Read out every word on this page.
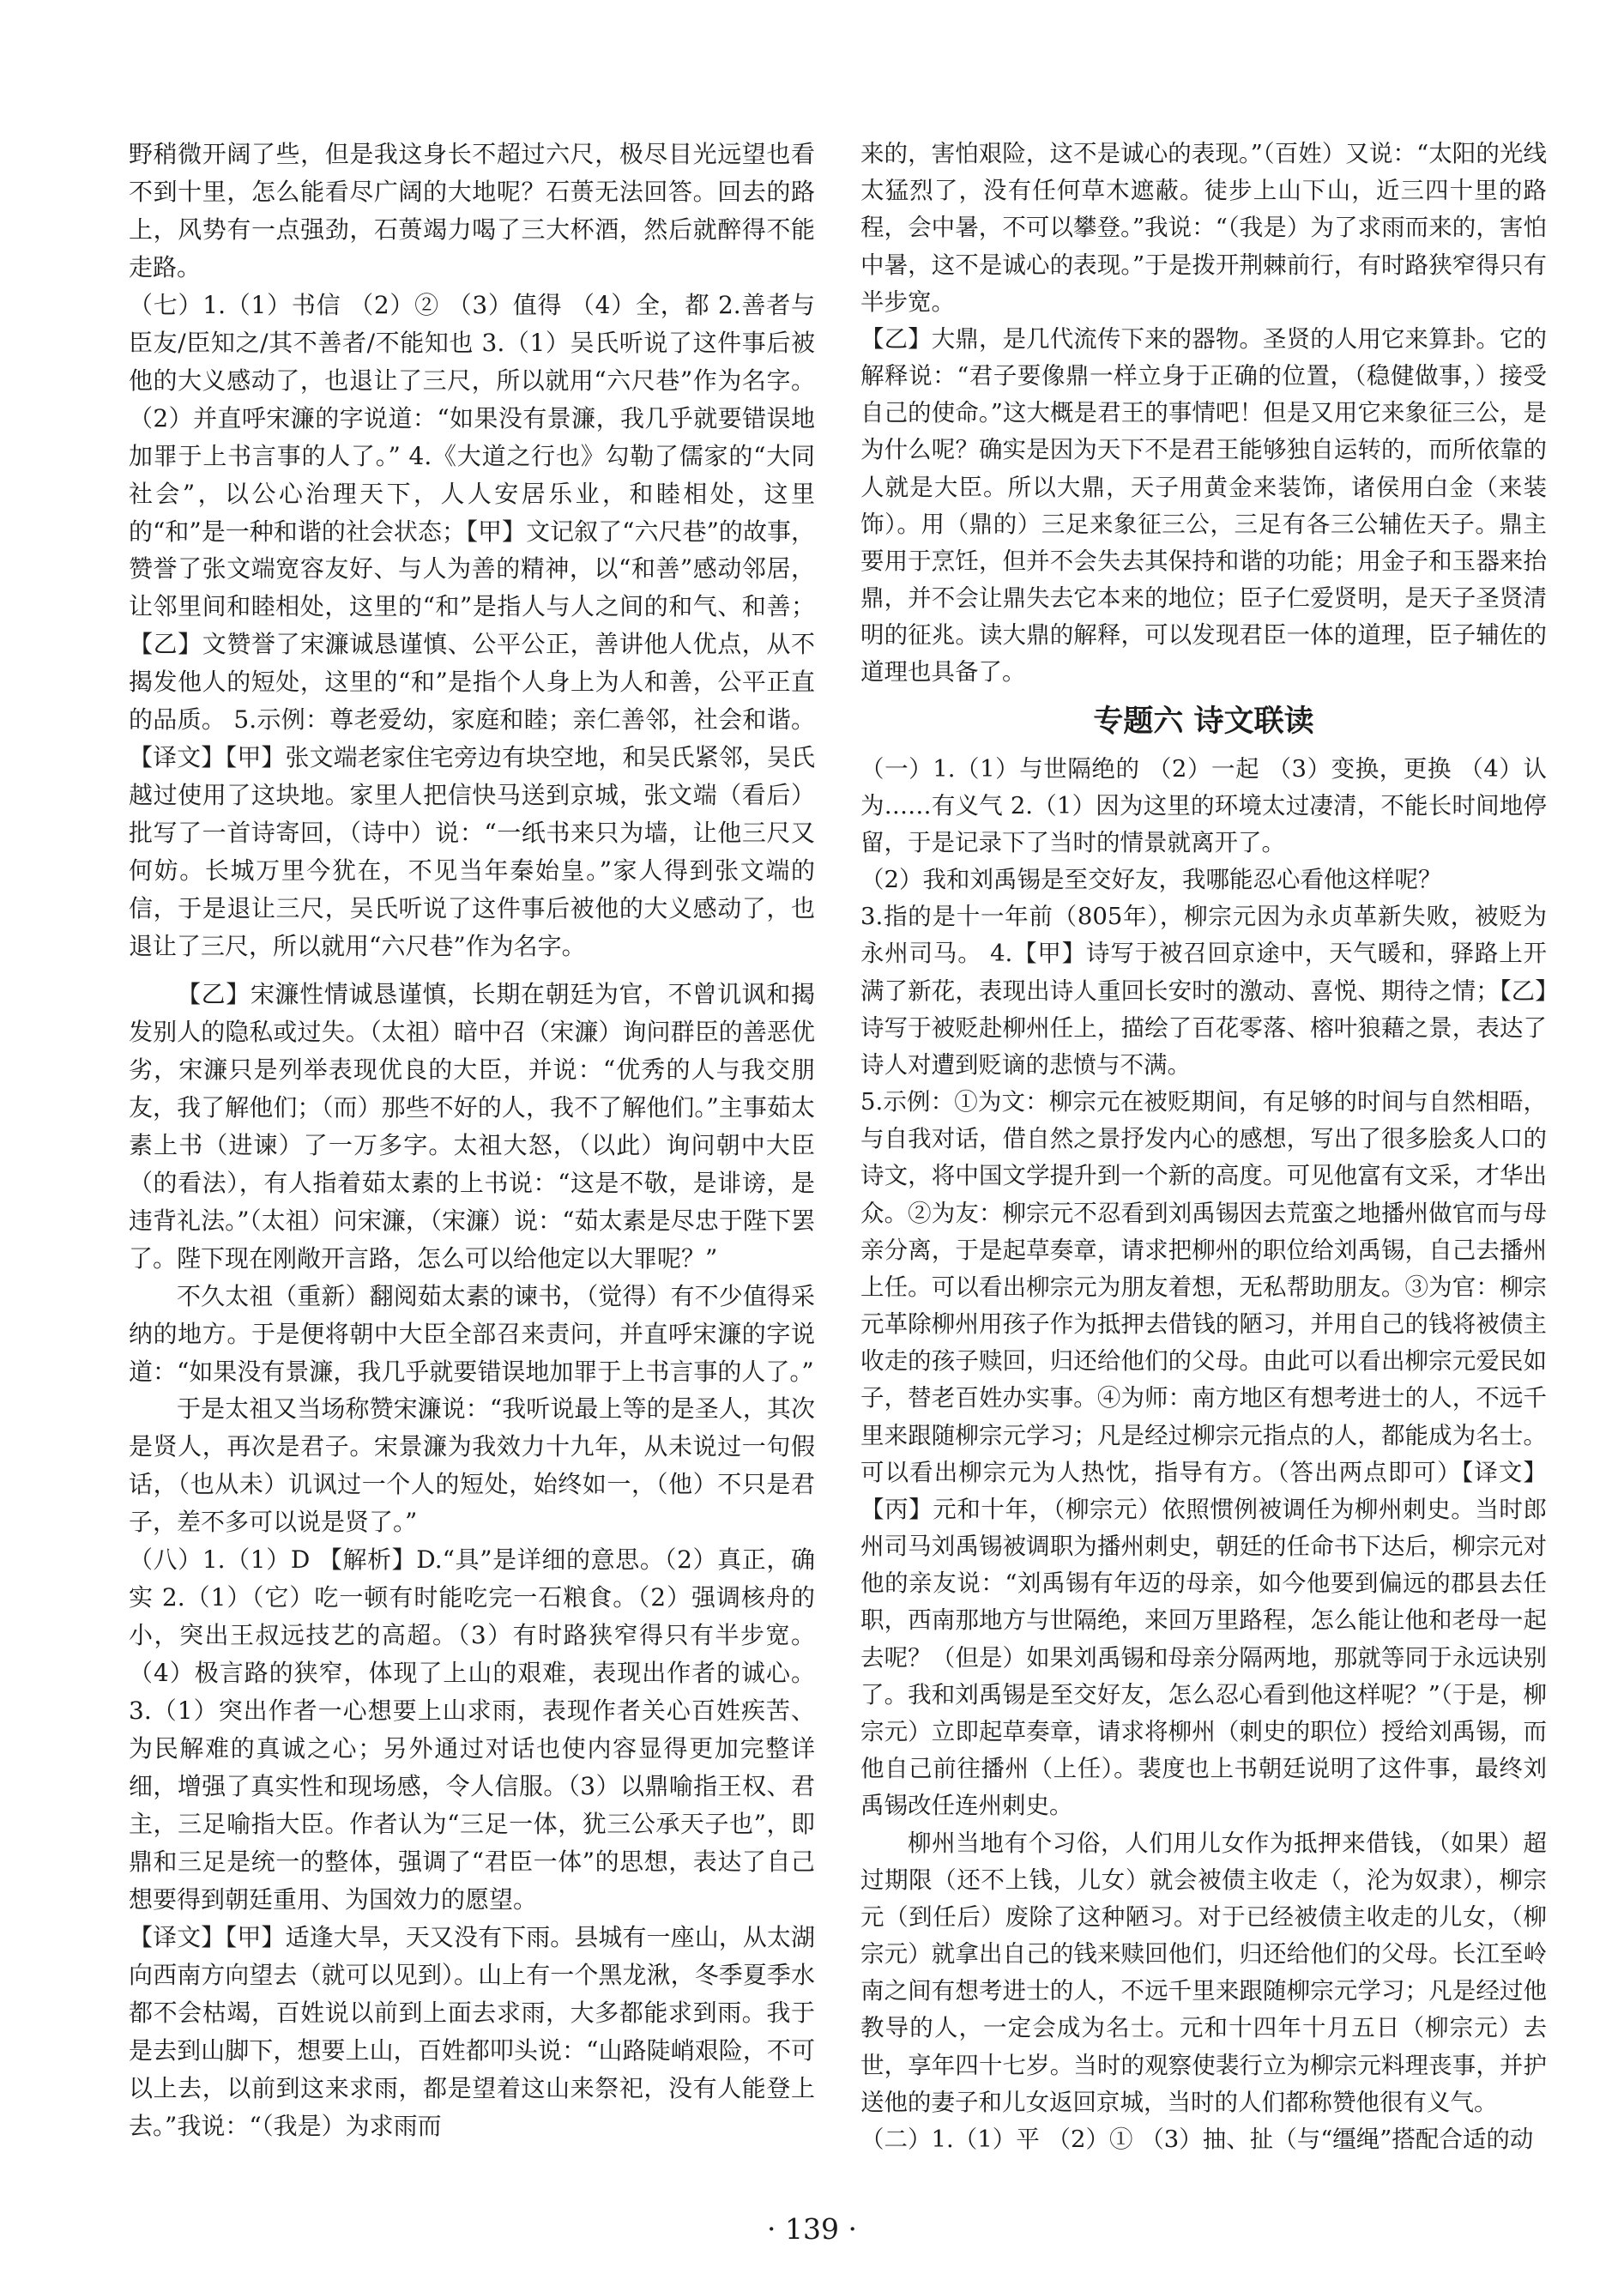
野稍微开阔了些，但是我这身长不超过六尺，极尽目光远望也看不到十里，怎么能看尽广阔的大地呢？石蒉无法回答。回去的路上，风势有一点强劲，石蒉竭力喝了三大杯酒，然后就醉得不能走路。

（七）1.（1）书信 （2）② （3）值得 （4）全，都 2.善者与臣友/臣知之/其不善者/不能知也 3.（1）吴氏听说了这件事后被他的大义感动了，也退让了三尺，所以就用“六尺巷”作为名字。（2）并直呼宋濂的字说道：“如果没有景濂，我几乎就要错误地加罪于上书言事的人了。” 4.《大道之行也》勾勒了儒家的“大同社会”，以公心治理天下，人人安居乐业，和睦相处，这里的“和”是一种和谐的社会状态；【甲】文记叙了“六尺巷”的故事，赞誉了张文端宽容友好、与人为善的精神，以“和善”感动邻居，让邻里间和睦相处，这里的“和”是指人与人之间的和气、和善；【乙】文赞誉了宋濂诚恳谨慎、公平公正，善讲他人优点，从不揭发他人的短处，这里的“和”是指个人身上为人和善，公平正直的品质。 5.示例：尊老爱幼，家庭和睦；亲仁善邻，社会和谐。 【译文】【甲】张文端老家住宅旁边有块空地，和吴氏紧邻，吴氏越过使用了这块地。家里人把信快马送到京城，张文端（看后）批写了一首诗寄回，（诗中）说：“一纸书来只为墙，让他三尺又何妨。长城万里今犹在，不见当年秦始皇。”家人得到张文端的信，于是退让三尺，吴氏听说了这件事后被他的大义感动了，也退让了三尺，所以就用“六尺巷”作为名字。

【乙】宋濂性情诚恳谨慎，长期在朝廷为官，不曾讥讽和揭发别人的隐私或过失。（太祖）暗中召（宋濂）询问群臣的善恶优劣，宋濂只是列举表现优良的大臣，并说：“优秀的人与我交朋友，我了解他们；（而）那些不好的人，我不了解他们。”主事茹太素上书（进谏）了一万多字。太祖大怒，（以此）询问朝中大臣（的看法），有人指着茹太素的上书说：“这是不敬，是诽谤，是违背礼法。”（太祖）问宋濂，（宋濂）说：“茹太素是尽忠于陛下罢了。陛下现在刚敞开言路，怎么可以给他定以大罪呢？”

不久太祖（重新）翻阅茹太素的谏书，（觉得）有不少值得采纳的地方。于是便将朝中大臣全部召来责问，并直呼宋濂的字说道：“如果没有景濂，我几乎就要错误地加罪于上书言事的人了。”

于是太祖又当场称赞宋濂说：“我听说最上等的是圣人，其次是贤人，再次是君子。宋景濂为我效力十九年，从未说过一句假话，（也从未）讥讽过一个人的短处，始终如一，（他）不只是君子，差不多可以说是贤了。”

（八）1.（1）D 【解析】D.“具”是详细的意思。（2）真正，确实 2.（1）（它）吃一顿有时能吃完一石粮食。（2）强调核舟的小，突出王叔远技艺的高超。（3）有时路狭窄得只有半步宽。（4）极言路的狭窄，体现了上山的艰难，表现出作者的诚心。 3.（1）突出作者一心想要上山求雨，表现作者关心百姓疾苦、为民解难的真诚之心；另外通过对话也使内容显得更加完整详细，增强了真实性和现场感，令人信服。（3）以鼎喻指王权、君主，三足喻指大臣。作者认为“三足一体，犹三公承天子也”，即鼎和三足是统一的整体，强调了“君臣一体”的思想，表达了自己想要得到朝廷重用、为国效力的愿望。

【译文】【甲】适逢大旱，天又没有下雨。县城有一座山，从太湖向西南方向望去（就可以见到）。山上有一个黑龙湫，冬季夏季水都不会枯竭，百姓说以前到上面去求雨，大多都能求到雨。我于是去到山脚下，想要上山，百姓都叩头说：“山路陡峭艰险，不可以上去，以前到这来求雨，都是望着这山来祭祀，没有人能登上去。”我说：“（我是）为求雨而

来的，害怕艰险，这不是诚心的表现。”（百姓）又说：“太阳的光线太猛烈了，没有任何草木遮蔽。徒步上山下山，近三四十里的路程，会中暑，不可以攀登。”我说：“（我是）为了求雨而来的，害怕中暑，这不是诚心的表现。”于是拨开荆棘前行，有时路狭窄得只有半步宽。

【乙】大鼎，是几代流传下来的器物。圣贤的人用它来算卦。它的解释说：“君子要像鼎一样立身于正确的位置，（稳健做事，）接受自己的使命。”这大概是君王的事情吧！但是又用它来象征三公，是为什么呢？确实是因为天下不是君王能够独自运转的，而所依靠的人就是大臣。所以大鼎，天子用黄金来装饰，诸侯用白金（来装饰）。用（鼎的）三足来象征三公，三足有各三公辅佐天子。鼎主要用于烹饪，但并不会失去其保持和谐的功能；用金子和玉器来抬鼎，并不会让鼎失去它本来的地位；臣子仁爱贤明，是天子圣贤清明的征兆。读大鼎的解释，可以发现君臣一体的道理，臣子辅佐的道理也具备了。

专题六 诗文联读

（一）1.（1）与世隔绝的 （2）一起 （3）变换，更换 （4）认为……有义气 2.（1）因为这里的环境太过凄清，不能长时间地停留，于是记录下了当时的情景就离开了。

（2）我和刘禹锡是至交好友，我哪能忍心看他这样呢？

3.指的是十一年前（805年），柳宗元因为永贞革新失败，被贬为永州司马。 4.【甲】诗写于被召回京途中，天气暖和，驿路上开满了新花，表现出诗人重回长安时的激动、喜悦、期待之情；【乙】诗写于被贬赴柳州任上，描绘了百花零落、榕叶狼藉之景，表达了诗人对遭到贬谪的悲愤与不满。

5.示例：①为文：柳宗元在被贬期间，有足够的时间与自然相晤，与自我对话，借自然之景抒发内心的感想，写出了很多脍炙人口的诗文，将中国文学提升到一个新的高度。可见他富有文采，才华出众。②为友：柳宗元不忍看到刘禹锡因去荒蛮之地播州做官而与母亲分离，于是起草奏章，请求把柳州的职位给刘禹锡，自己去播州上任。可以看出柳宗元为朋友着想，无私帮助朋友。③为官：柳宗元革除柳州用孩子作为抵押去借钱的陋习，并用自己的钱将被债主收走的孩子赎回，归还给他们的父母。由此可以看出柳宗元爱民如子，替老百姓办实事。④为师：南方地区有想考进士的人，不远千里来跟随柳宗元学习；凡是经过柳宗元指点的人，都能成为名士。可以看出柳宗元为人热忱，指导有方。（答出两点即可）【译文】【丙】元和十年，（柳宗元）依照惯例被调任为柳州刺史。当时郎州司马刘禹锡被调职为播州刺史，朝廷的任命书下达后，柳宗元对他的亲友说：“刘禹锡有年迈的母亲，如今他要到偏远的郡县去任职，西南那地方与世隔绝，来回万里路程，怎么能让他和老母一起去呢？（但是）如果刘禹锡和母亲分隔两地，那就等同于永远诀别了。我和刘禹锡是至交好友，怎么忍心看到他这样呢？”（于是，柳宗元）立即起草奏章，请求将柳州（刺史的职位）授给刘禹锡，而他自己前往播州（上任）。裴度也上书朝廷说明了这件事，最终刘禹锡改任连州刺史。

柳州当地有个习俗，人们用儿女作为抵押来借钱，（如果）超过期限（还不上钱，儿女）就会被债主收走（，沦为奴隶），柳宗元（到任后）废除了这种陋习。对于已经被债主收走的儿女，（柳宗元）就拿出自己的钱来赎回他们，归还给他们的父母。长江至岭南之间有想考进士的人，不远千里来跟随柳宗元学习；凡是经过他教导的人，一定会成为名士。元和十四年十月五日（柳宗元）去世，享年四十七岁。当时的观察使裴行立为柳宗元料理丧事，并护送他的妻子和儿女返回京城，当时的人们都称赞他很有义气。

（二）1.（1）平 （2）① （3）抽、扯（与“缰绳”搭配合适的动

· 139 ·
